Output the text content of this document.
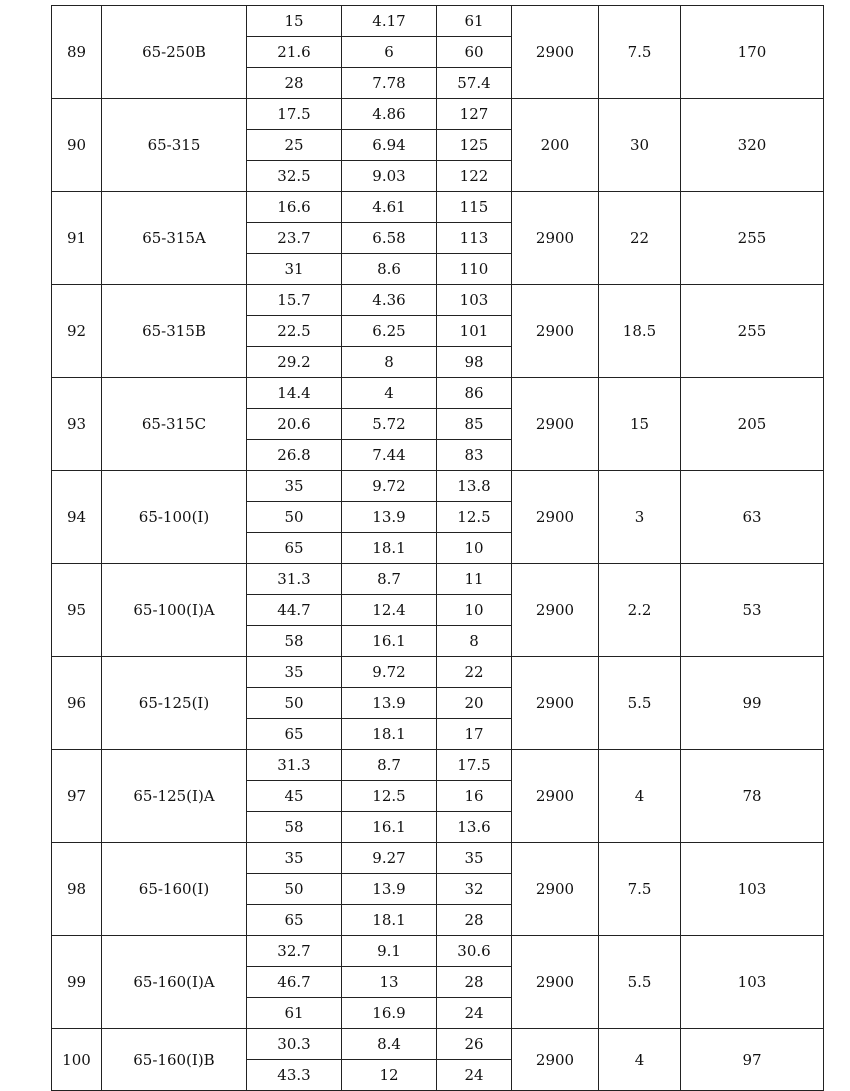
89	65-250B	15	4.17	61	2900	7.5	170
		21.6	6	60			
		28	7.78	57.4			
90	65-315	17.5	4.86	127	200	30	320
		25	6.94	125			
		32.5	9.03	122			
91	65-315A	16.6	4.61	115	2900	22	255
		23.7	6.58	113			
		31	8.6	110			
92	65-315B	15.7	4.36	103	2900	18.5	255
		22.5	6.25	101			
		29.2	8	98			
93	65-315C	14.4	4	86	2900	15	205
		20.6	5.72	85			
		26.8	7.44	83			
94	65-100(I)	35	9.72	13.8	2900	3	63
		50	13.9	12.5			
		65	18.1	10			
95	65-100(I)A	31.3	8.7	11	2900	2.2	53
		44.7	12.4	10			
		58	16.1	8			
96	65-125(I)	35	9.72	22	2900	5.5	99
		50	13.9	20			
		65	18.1	17			
97	65-125(I)A	31.3	8.7	17.5	2900	4	78
		45	12.5	16			
		58	16.1	13.6			
98	65-160(I)	35	9.27	35	2900	7.5	103
		50	13.9	32			
		65	18.1	28			
99	65-160(I)A	32.7	9.1	30.6	2900	5.5	103
		46.7	13	28			
		61	16.9	24			
100	65-160(I)B	30.3	8.4	26	2900	4	97
		43.3	12	24			
